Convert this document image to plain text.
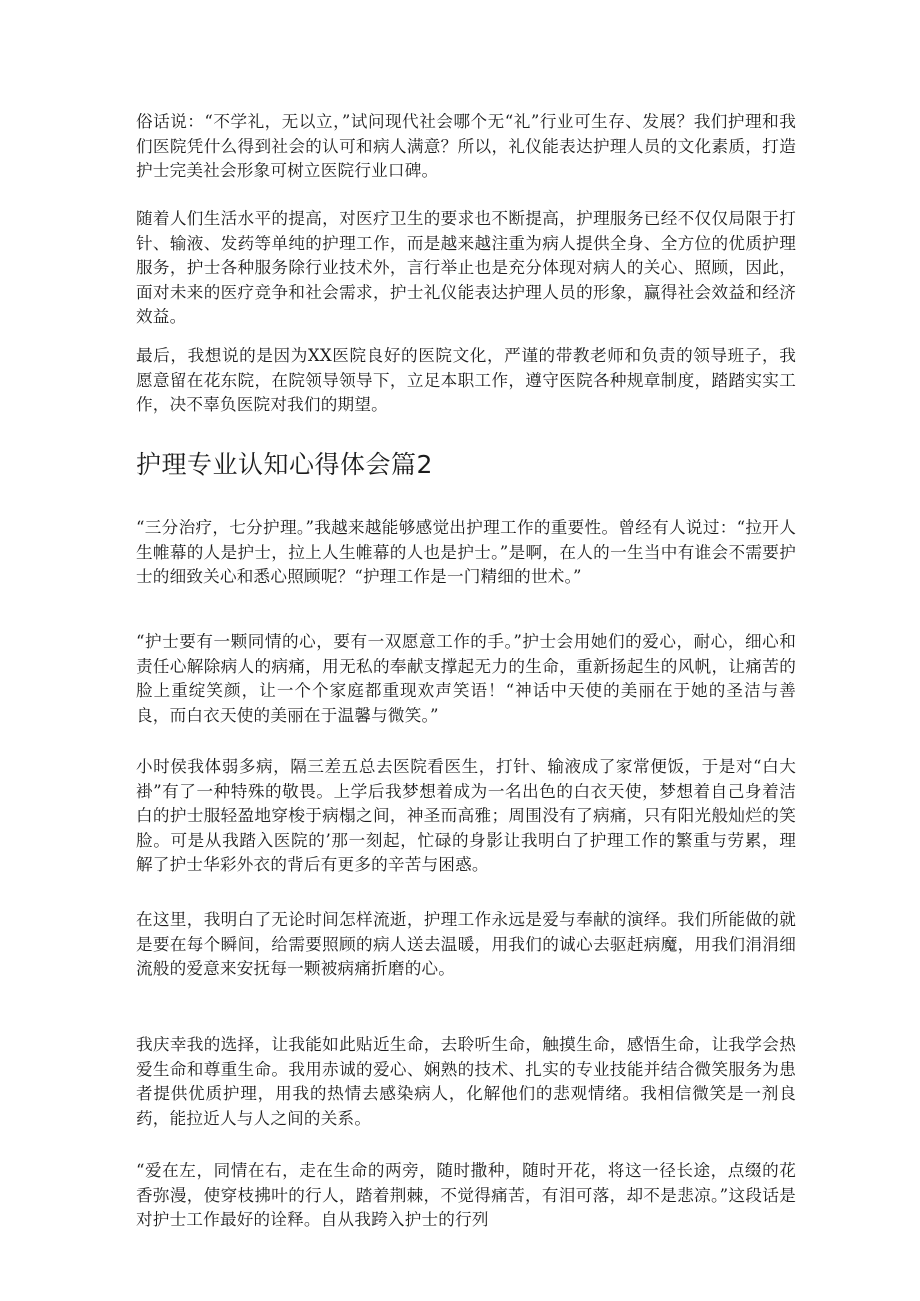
俗话说：“不学礼，无以立，”试问现代社会哪个无“礼”行业可生存、发展？我们护理和我们医院凭什么得到社会的认可和病人满意？所以，礼仪能表达护理人员的文化素质，打造护士完美社会形象可树立医院行业口碑。

随着人们生活水平的提高，对医疗卫生的要求也不断提高，护理服务已经不仅仅局限于打针、输液、发药等单纯的护理工作，而是越来越注重为病人提供全身、全方位的优质护理服务，护士各种服务除行业技术外，言行举止也是充分体现对病人的关心、照顾，因此，面对未来的医疗竞争和社会需求，护士礼仪能表达护理人员的形象，赢得社会效益和经济效益。

最后，我想说的是因为XX医院良好的医院文化，严谨的带教老师和负责的领导班子，我愿意留在花东院，在院领导领导下，立足本职工作，遵守医院各种规章制度，踏踏实实工作，决不辜负医院对我们的期望。

护理专业认知心得体会篇2

“三分治疗，七分护理。”我越来越能够感觉出护理工作的重要性。曾经有人说过：“拉开人生帷幕的人是护士，拉上人生帷幕的人也是护士。”是啊，在人的一生当中有谁会不需要护士的细致关心和悉心照顾呢？“护理工作是一门精细的世术。”

“护士要有一颗同情的心，要有一双愿意工作的手。”护士会用她们的爱心，耐心，细心和责任心解除病人的病痛，用无私的奉献支撑起无力的生命，重新扬起生的风帆，让痛苦的脸上重绽笑颜，让一个个家庭都重现欢声笑语！“神话中天使的美丽在于她的圣洁与善良，而白衣天使的美丽在于温馨与微笑。”

小时侯我体弱多病，隔三差五总去医院看医生，打针、输液成了家常便饭，于是对“白大褂”有了一种特殊的敬畏。上学后我梦想着成为一名出色的白衣天使，梦想着自己身着洁白的护士服轻盈地穿梭于病榻之间，神圣而高雅；周围没有了病痛，只有阳光般灿烂的笑脸。可是从我踏入医院的’那一刻起，忙碌的身影让我明白了护理工作的繁重与劳累，理解了护士华彩外衣的背后有更多的辛苦与困惑。

在这里，我明白了无论时间怎样流逝，护理工作永远是爱与奉献的演绎。我们所能做的就是要在每个瞬间，给需要照顾的病人送去温暖，用我们的诚心去驱赶病魔，用我们涓涓细流般的爱意来安抚每一颗被病痛折磨的心。

我庆幸我的选择，让我能如此贴近生命，去聆听生命，触摸生命，感悟生命，让我学会热爱生命和尊重生命。我用赤诚的爱心、娴熟的技术、扎实的专业技能并结合微笑服务为患者提供优质护理，用我的热情去感染病人，化解他们的悲观情绪。我相信微笑是一剂良药，能拉近人与人之间的关系。

“爱在左，同情在右，走在生命的两旁，随时撒种，随时开花，将这一径长途，点缀的花香弥漫，使穿枝拂叶的行人，踏着荆棘，不觉得痛苦，有泪可落，却不是悲凉。”这段话是对护士工作最好的诠释。自从我跨入护士的行列
